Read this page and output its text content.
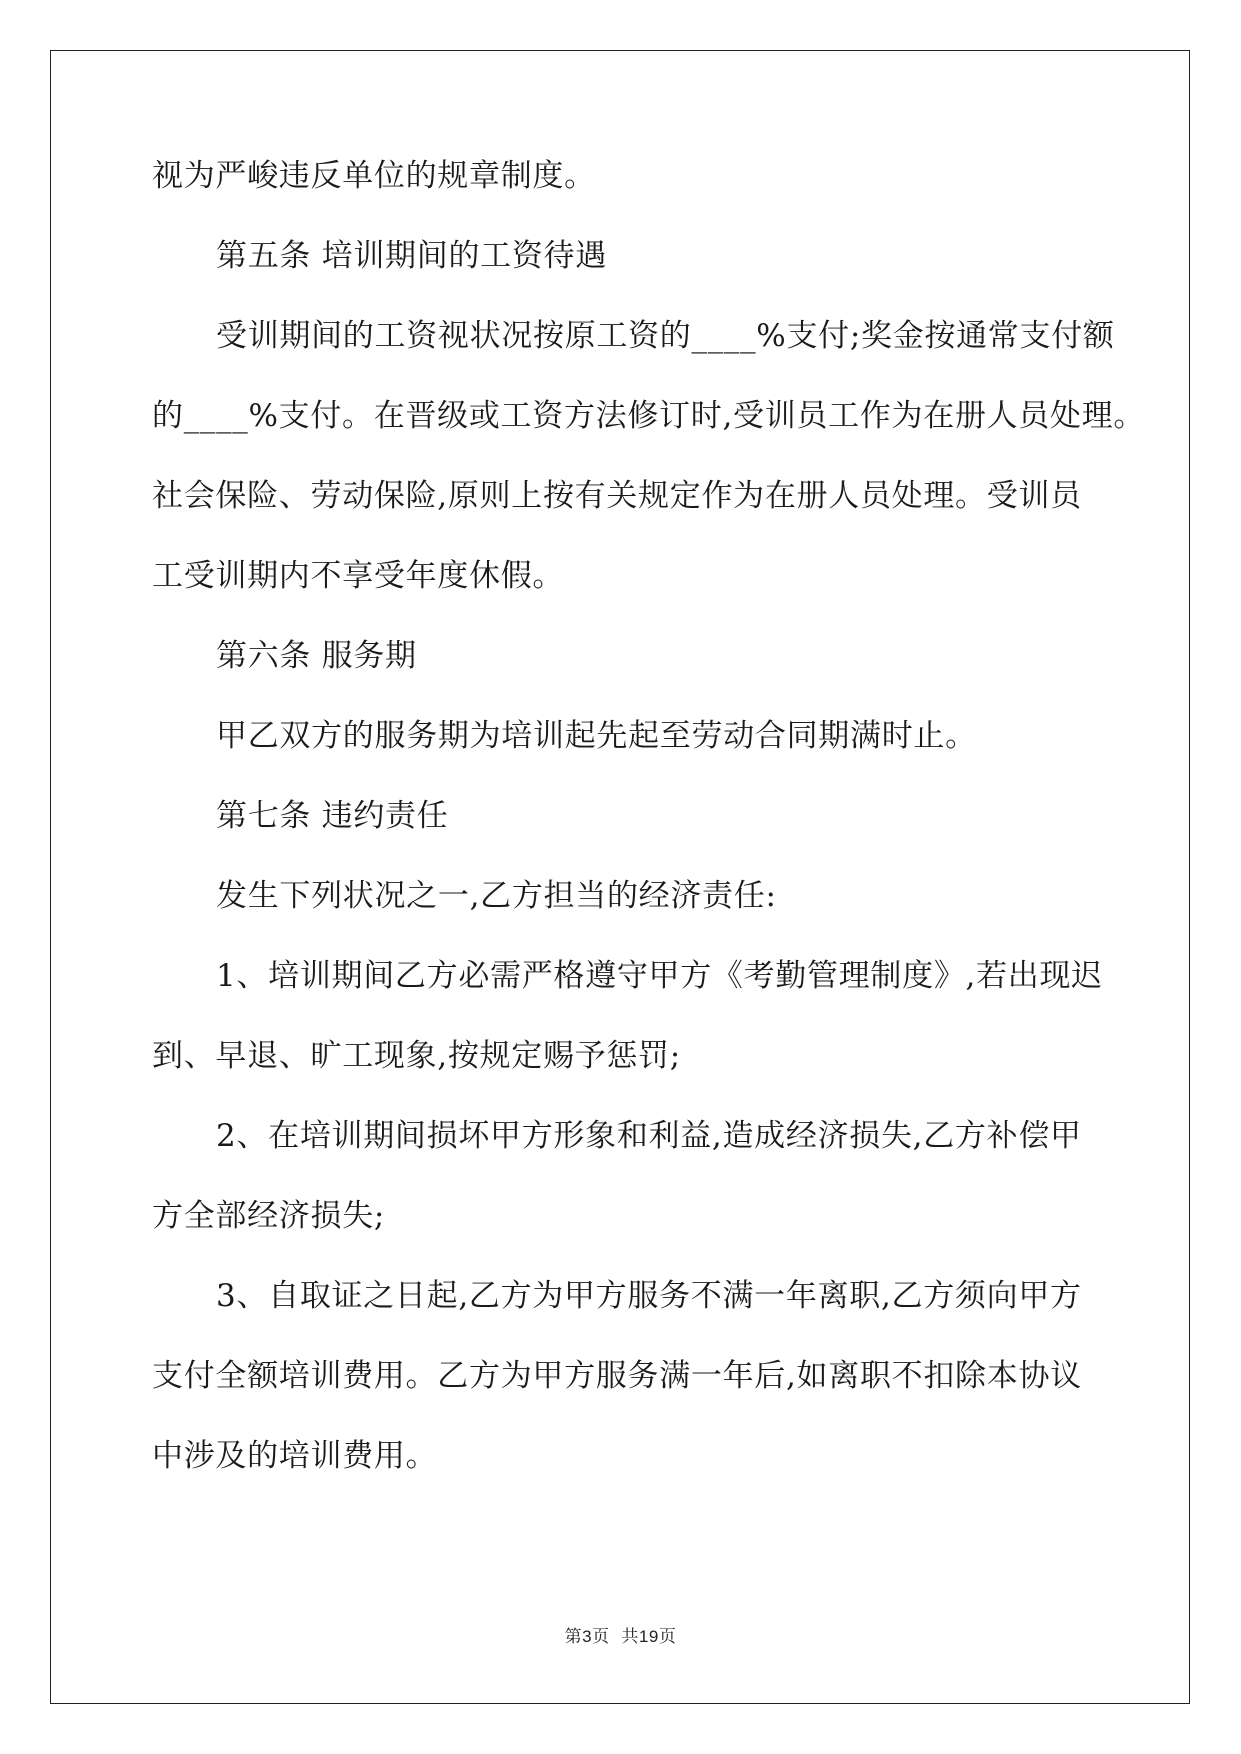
视为严峻违反单位的规章制度。

第五条 培训期间的工资待遇

受训期间的工资视状况按原工资的____%支付;奖金按通常支付额

的____%支付。在晋级或工资方法修订时,受训员工作为在册人员处理。

社会保险、劳动保险,原则上按有关规定作为在册人员处理。受训员

工受训期内不享受年度休假。

第六条 服务期

甲乙双方的服务期为培训起先起至劳动合同期满时止。

第七条 违约责任

发生下列状况之一,乙方担当的经济责任:

1、培训期间乙方必需严格遵守甲方《考勤管理制度》,若出现迟

到、早退、旷工现象,按规定赐予惩罚;

2、在培训期间损坏甲方形象和利益,造成经济损失,乙方补偿甲

方全部经济损失;

3、自取证之日起,乙方为甲方服务不满一年离职,乙方须向甲方

支付全额培训费用。乙方为甲方服务满一年后,如离职不扣除本协议

中涉及的培训费用。

第3页  共19页
